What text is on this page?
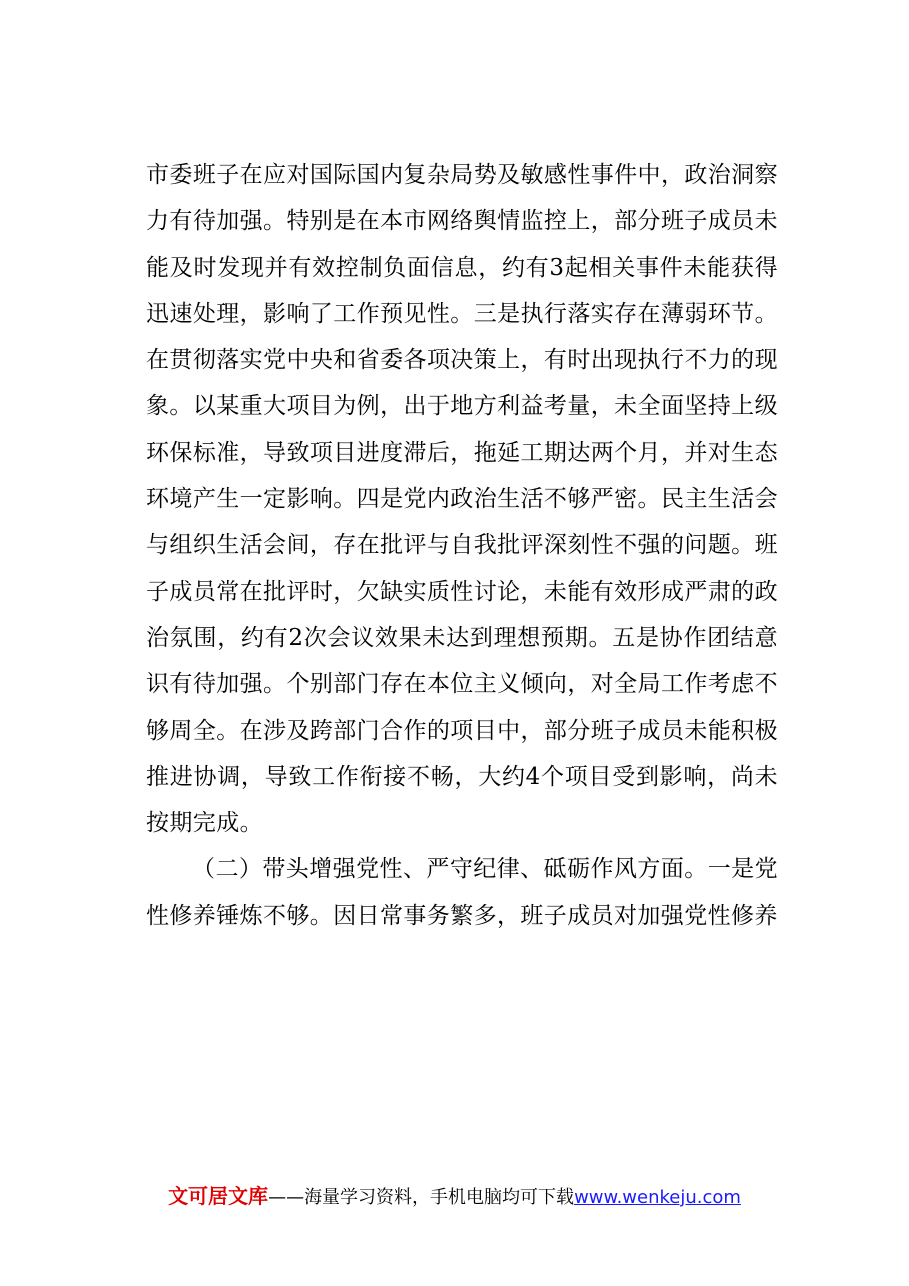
市委班子在应对国际国内复杂局势及敏感性事件中，政治洞察力有待加强。特别是在本市网络舆情监控上，部分班子成员未能及时发现并有效控制负面信息，约有3起相关事件未能获得迅速处理，影响了工作预见性。三是执行落实存在薄弱环节。在贯彻落实党中央和省委各项决策上，有时出现执行不力的现象。以某重大项目为例，出于地方利益考量，未全面坚持上级环保标准，导致项目进度滞后，拖延工期达两个月，并对生态环境产生一定影响。四是党内政治生活不够严密。民主生活会与组织生活会间，存在批评与自我批评深刻性不强的问题。班子成员常在批评时，欠缺实质性讨论，未能有效形成严肃的政治氛围，约有2次会议效果未达到理想预期。五是协作团结意识有待加强。个别部门存在本位主义倾向，对全局工作考虑不够周全。在涉及跨部门合作的项目中，部分班子成员未能积极推进协调，导致工作衔接不畅，大约4个项目受到影响，尚未按期完成。

（二）带头增强党性、严守纪律、砥砺作风方面。一是党性修养锤炼不够。因日常事务繁多，班子成员对加强党性修养

文可居文库——海量学习资料，手机电脑均可下载www.wenkeju.com
